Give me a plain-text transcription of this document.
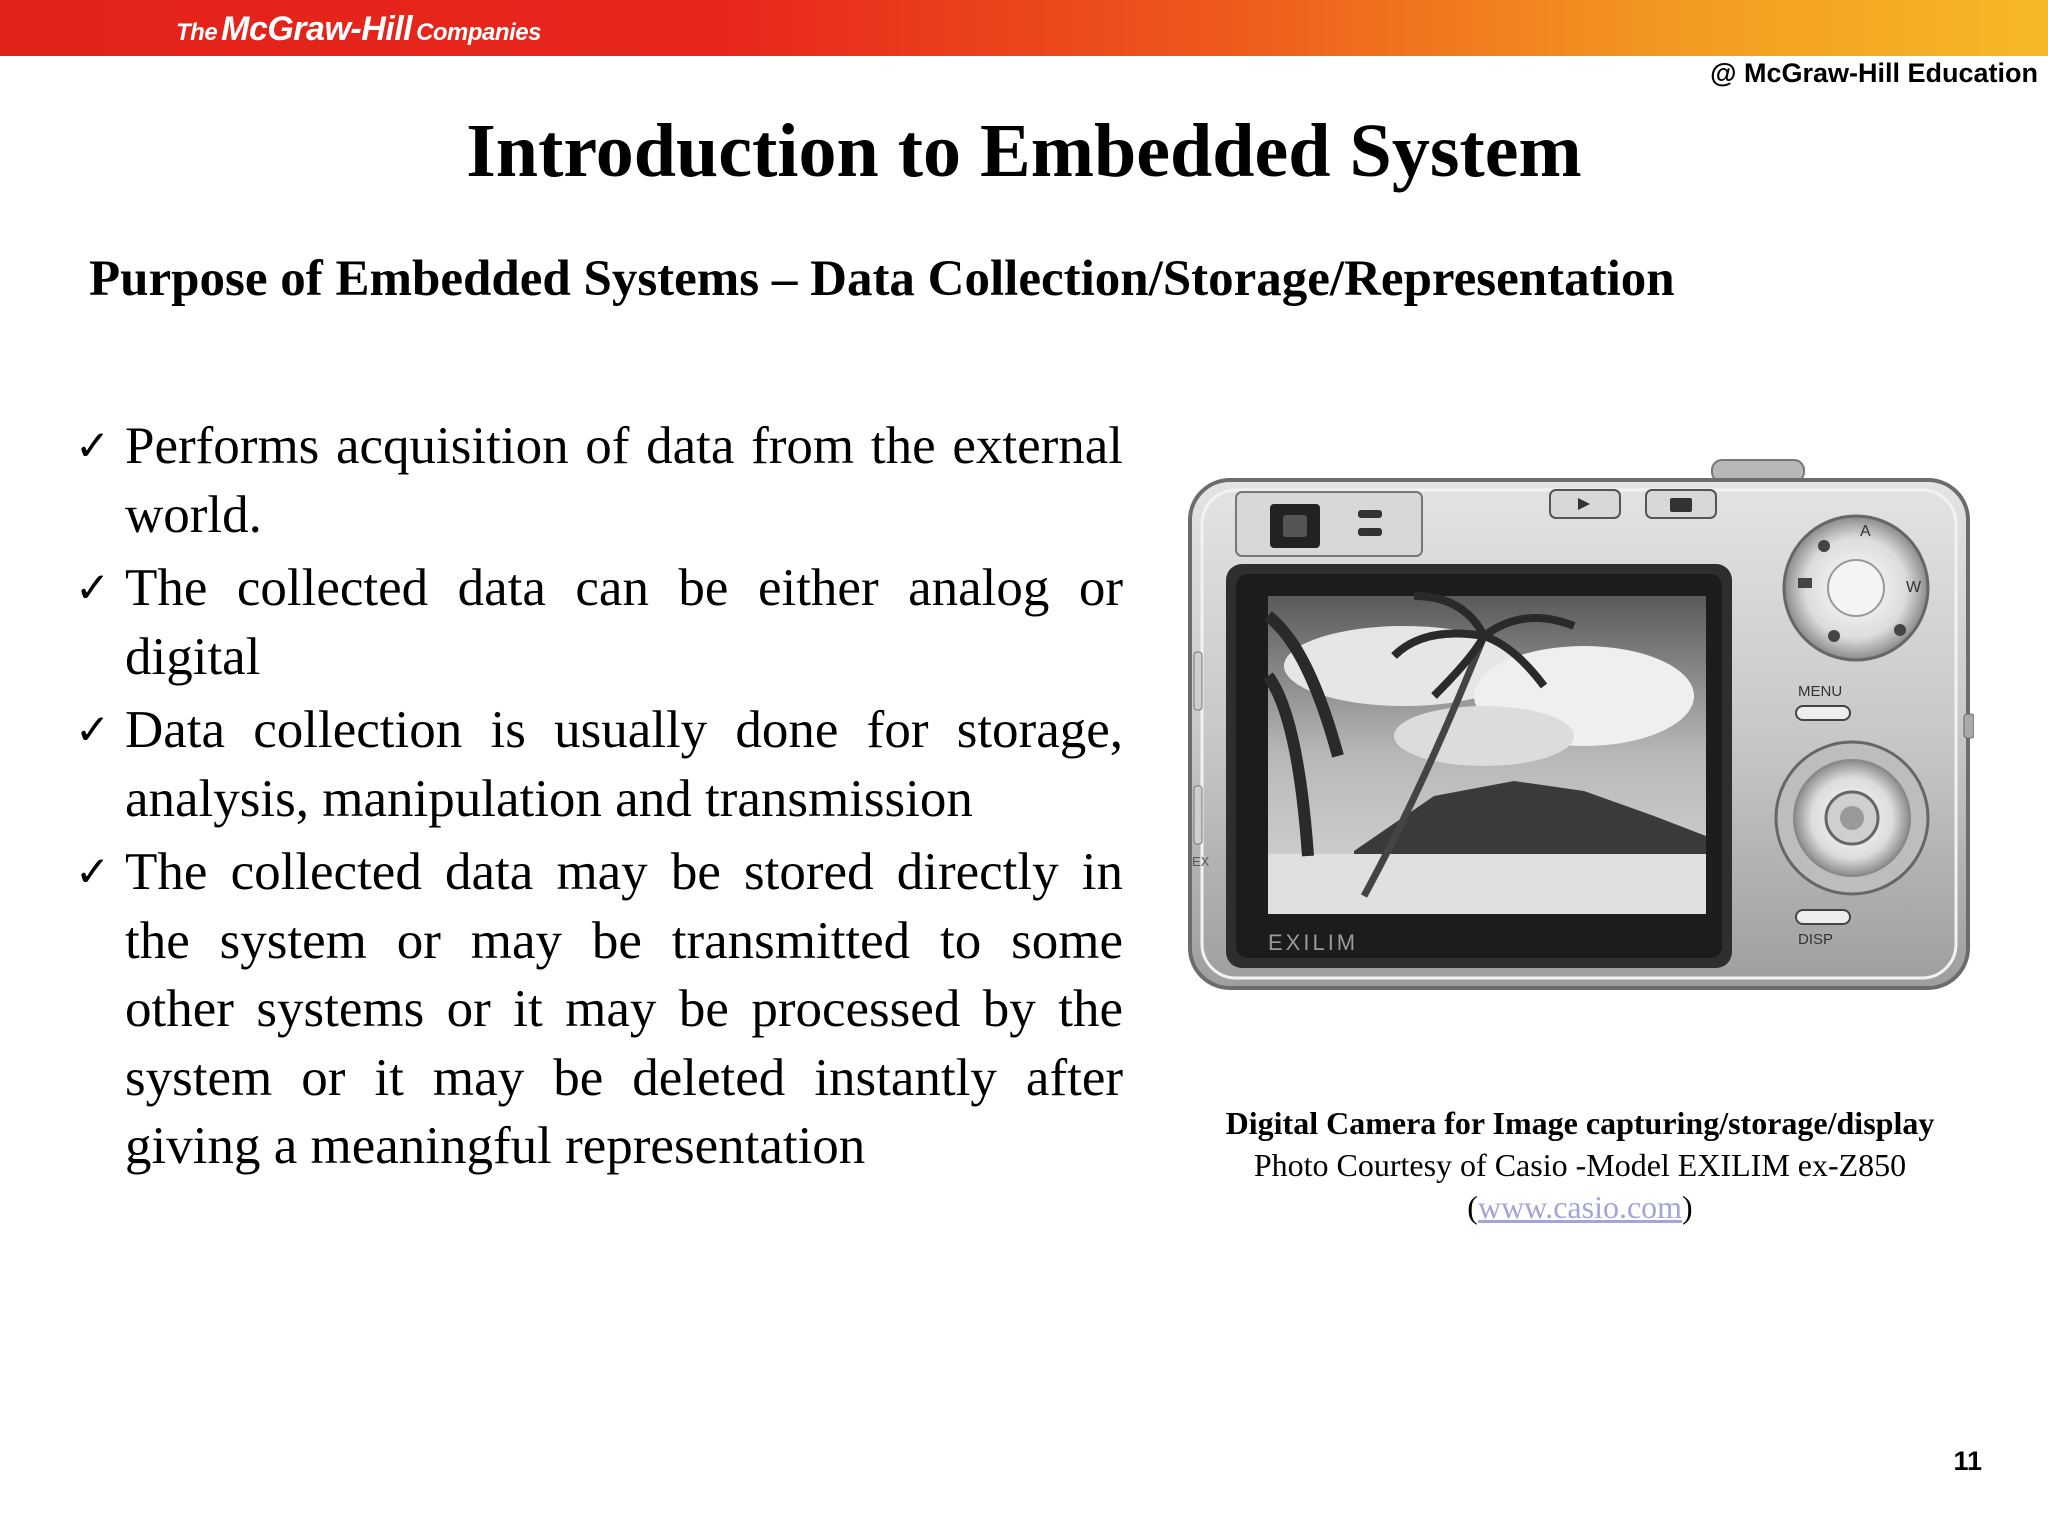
The McGraw-Hill Companies
@ McGraw-Hill Education
Introduction to Embedded System
Purpose of Embedded Systems – Data Collection/Storage/Representation
✓ Performs acquisition of data from the external world.
✓ The collected data can be either analog or digital
✓ Data collection is usually done for storage, analysis, manipulation and transmission
✓ The collected data may be stored directly in the system or may be transmitted to some other systems or it may be processed by the system or it may be deleted instantly after giving a meaningful representation
EX
EXILIM
A
W
MENU
DISP
Digital Camera for Image capturing/storage/display
Photo Courtesy of Casio -Model EXILIM ex-Z850
(www.casio.com)
11
